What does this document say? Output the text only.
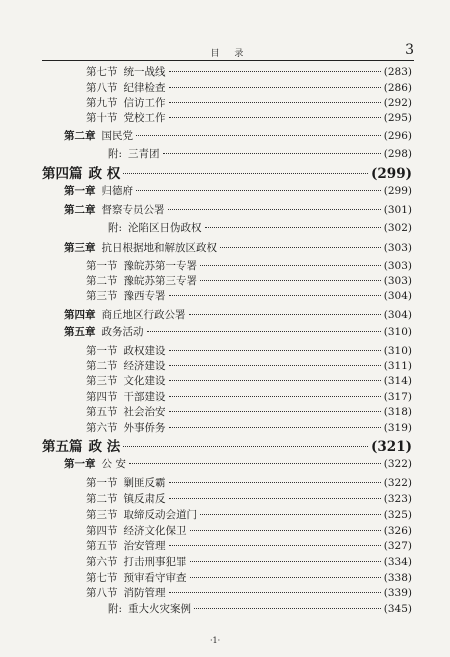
目 录	3
第七节 统一战线	(283)
第八节 纪律检查	(286)
第九节 信访工作	(292)
第十节 党校工作	(295)
第二章 国民党	(296)
附: 三青团	(298)
第四篇 政 权	(299)
第一章 归德府	(299)
第二章 督察专员公署	(301)
附: 沦陷区日伪政权	(302)
第三章 抗日根据地和解放区政权	(303)
第一节 豫皖苏第一专署	(303)
第二节 豫皖苏第三专署	(303)
第三节 豫西专署	(304)
第四章 商丘地区行政公署	(304)
第五章 政务活动	(310)
第一节 政权建设	(310)
第二节 经济建设	(311)
第三节 文化建设	(314)
第四节 干部建设	(317)
第五节 社会治安	(318)
第六节 外事侨务	(319)
第五篇 政 法	(321)
第一章 公 安	(322)
第一节 剿匪反霸	(322)
第二节 镇反肃反	(323)
第三节 取缔反动会道门	(325)
第四节 经济文化保卫	(326)
第五节 治安管理	(327)
第六节 打击刑事犯罪	(334)
第七节 预审看守审查	(338)
第八节 消防管理	(339)
附: 重大火灾案例	(345)
·1·
